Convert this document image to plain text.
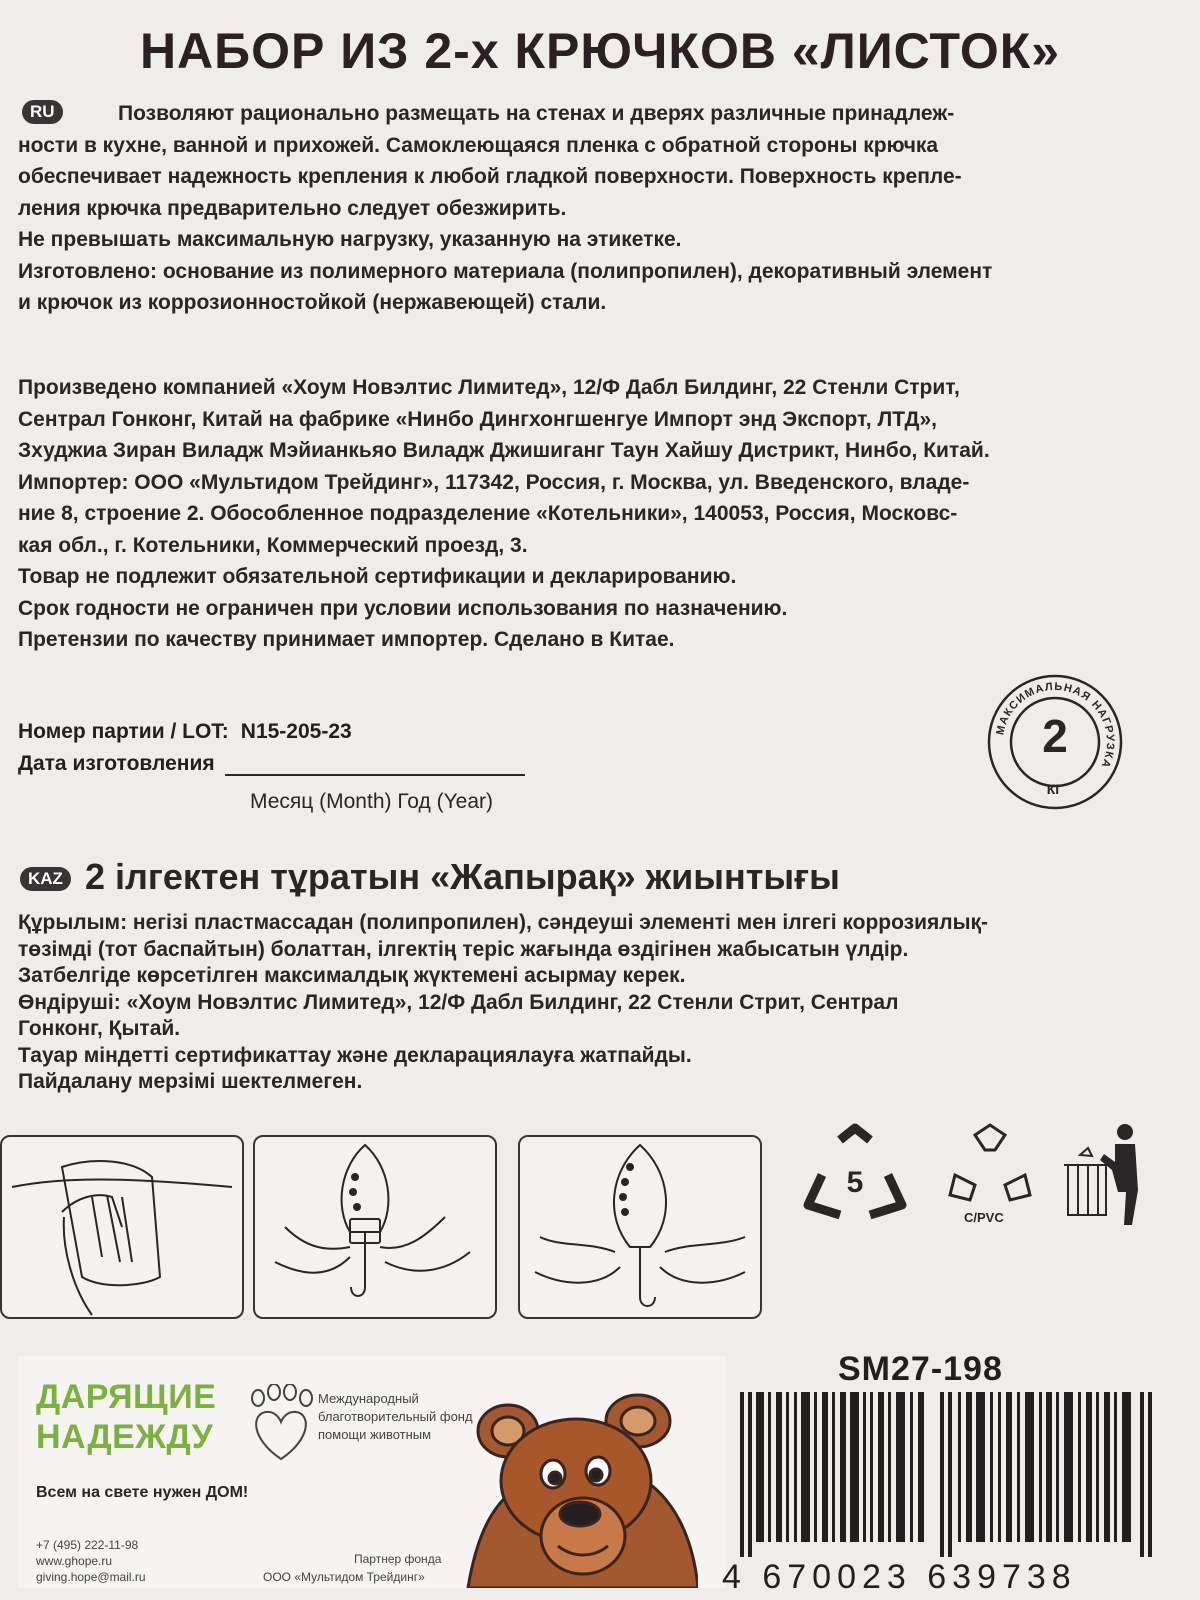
НАБОР ИЗ 2-х КРЮЧКОВ «ЛИСТОК»
RU	Позволяют рационально размещать на стенах и дверях различные принадлеж-
ности в кухне, ванной и прихожей. Самоклеющаяся пленка с обратной стороны крючка
обеспечивает надежность крепления к любой гладкой поверхности. Поверхность крепле-
ления крючка предварительно следует обезжирить.
Не превышать максимальную нагрузку, указанную на этикетке.
Изготовлено: основание из полимерного материала (полипропилен), декоративный элемент
и крючок из коррозионностойкой (нержавеющей) стали.
Произведено компанией «Хоум Новэлтис Лимитед», 12/Ф Дабл Билдинг, 22 Стенли Стрит,
Сентрал Гонконг, Китай на фабрике «Нинбо Дингхонгшенгуе Импорт энд Экспорт, ЛТД»,
Зхуджиа Зиран Виладж Мэйианкьяо Виладж Джишиганг Таун Хайшу Дистрикт, Нинбо, Китай.
Импортер: ООО «Мультидом Трейдинг», 117342, Россия, г. Москва, ул. Введенского, владе-
ние 8, строение 2. Обособленное подразделение «Котельники», 140053, Россия, Московс-
кая обл., г. Котельники, Коммерческий проезд, 3.
Товар не подлежит обязательной сертификации и декларированию.
Срок годности не ограничен при условии использования по назначению.
Претензии по качеству принимает импортер. Сделано в Китае.
Номер партии / LOT: N15-205-23
Дата изготовления
Месяц (Month) Год (Year)
МАКСИМАЛЬНАЯ НАГРУЗКА
2
КГ
KAZ 2 ілгектен тұратын «Жапырақ» жиынтығы
Құрылым: негізі пластмассадан (полипропилен), сәндеуші элементі мен ілгегі коррозиялық-
төзімді (тот баспайтын) болаттан, ілгектің теріс жағында өздігінен жабысатын үлдір.
Затбелгіде көрсетілген максималдық жүктемені асырмау керек.
Өндіруші: «Хоум Новэлтис Лимитед», 12/Ф Дабл Билдинг, 22 Стенли Стрит, Сентрал
Гонконг, Қытай.
Тауар міндетті сертификаттау және декларациялауға жатпайды.
Пайдалану мерзімі шектелмеген.
5
C/PVC
ДАРЯЩИЕ
НАДЕЖДУ
Международный благотворительный фонд помощи животным
Всем на свете нужен ДОМ!
+7 (495) 222-11-98
www.ghope.ru
giving.hope@mail.ru
Партнер фонда
ООО «Мультидом Трейдинг»
SM27-198
4 670023 639738
